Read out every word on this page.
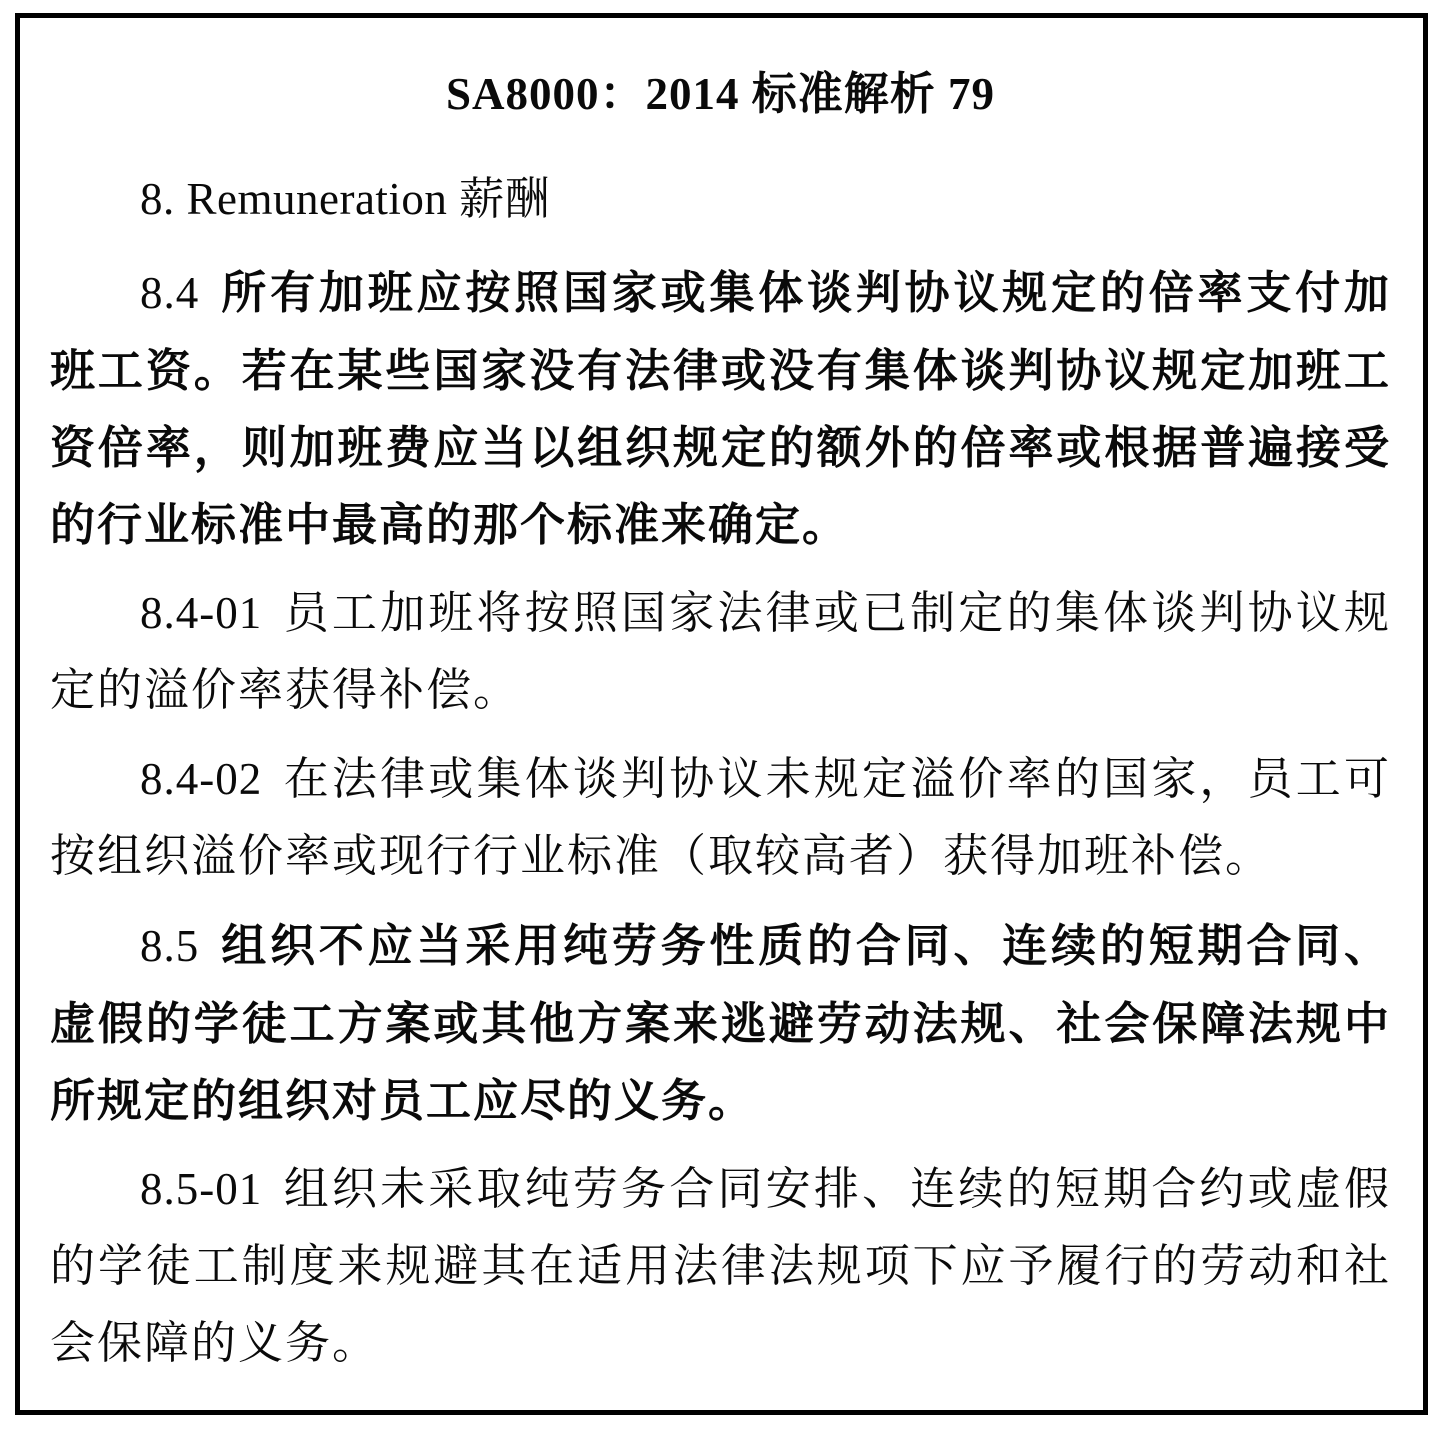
SA8000：2014 标准解析 79
8. Remuneration 薪酬

8.4 所有加班应按照国家或集体谈判协议规定的倍率支付加班工资。若在某些国家没有法律或没有集体谈判协议规定加班工资倍率，则加班费应当以组织规定的额外的倍率或根据普遍接受的行业标准中最高的那个标准来确定。

8.4-01 员工加班将按照国家法律或已制定的集体谈判协议规定的溢价率获得补偿。

8.4-02 在法律或集体谈判协议未规定溢价率的国家，员工可按组织溢价率或现行行业标准（取较高者）获得加班补偿。

8.5 组织不应当采用纯劳务性质的合同、连续的短期合同、虚假的学徒工方案或其他方案来逃避劳动法规、社会保障法规中所规定的组织对员工应尽的义务。

8.5-01 组织未采取纯劳务合同安排、连续的短期合约或虚假的学徒工制度来规避其在适用法律法规项下应予履行的劳动和社会保障的义务。
